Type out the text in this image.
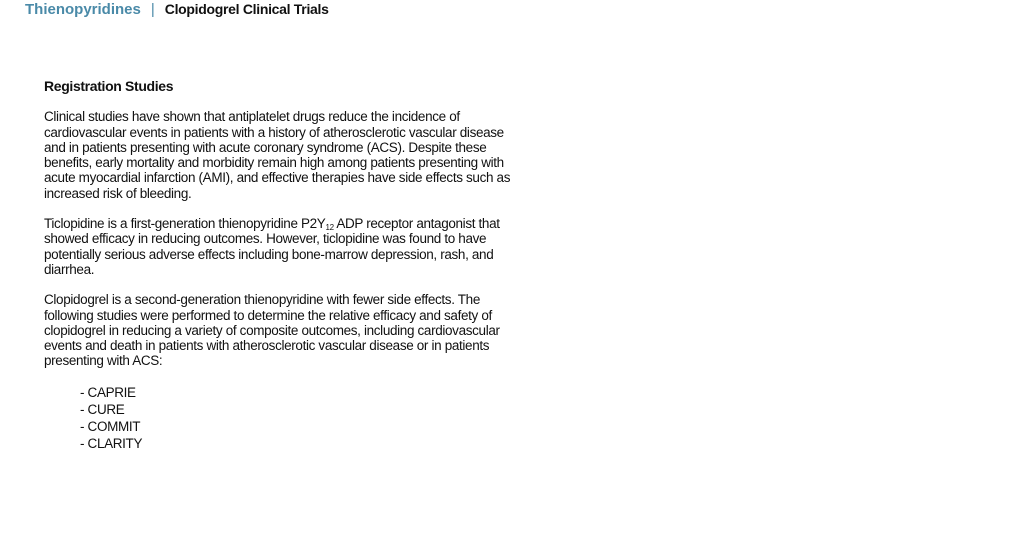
Thienopyridines | Clopidogrel Clinical Trials
Registration Studies

Clinical studies have shown that antiplatelet drugs reduce the incidence of cardiovascular events in patients with a history of atherosclerotic vascular disease and in patients presenting with acute coronary syndrome (ACS). Despite these benefits, early mortality and morbidity remain high among patients presenting with acute myocardial infarction (AMI), and effective therapies have side effects such as increased risk of bleeding.

Ticlopidine is a first-generation thienopyridine $P2Y_{12}$ ADP receptor antagonist that showed efficacy in reducing outcomes. However, ticlopidine was found to have potentially serious adverse effects including bone-marrow depression, rash, and diarrhea.

Clopidogrel is a second-generation thienopyridine with fewer side effects. The following studies were performed to determine the relative efficacy and safety of clopidogrel in reducing a variety of composite outcomes, including cardiovascular events and death in patients with atherosclerotic vascular disease or in patients presenting with ACS:

- CAPRIE
- CURE
- COMMIT
- CLARITY
